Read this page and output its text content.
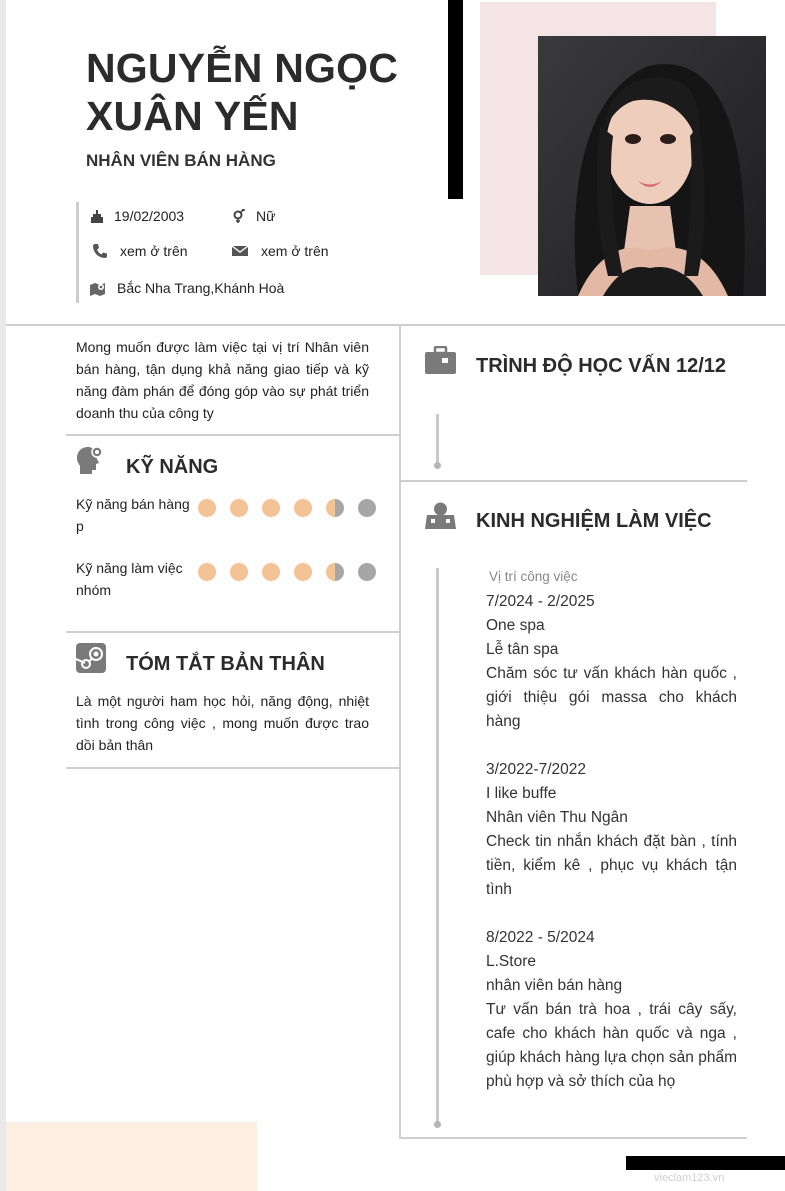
NGUYỄN NGỌC
XUÂN YẾN
NHÂN VIÊN BÁN HÀNG
19/02/2003	Nữ
xem ở trên	xem ở trên
Bắc Nha Trang,Khánh Hoà
Mong muốn được làm việc tại vị trí Nhân viên bán hàng, tận dụng khả năng giao tiếp và kỹ năng đàm phán để đóng góp vào sự phát triển doanh thu của công ty
KỸ NĂNG
Kỹ năng bán hàng p
Kỹ năng làm việc nhóm
TÓM TẮT BẢN THÂN
Là một người ham học hỏi, năng động, nhiệt tình trong công việc , mong muốn được trao dồi bản thân
TRÌNH ĐỘ HỌC VẤN 12/12
KINH NGHIỆM LÀM VIỆC
Vị trí công việc
7/2024 - 2/2025
One spa
Lễ tân spa
Chăm sóc tư vấn khách hàn quốc , giới thiệu gói massa cho khách hàng
3/2022-7/2022
I like buffe
Nhân viên Thu Ngân
Check tin nhắn khách đặt bàn , tính tiền, kiểm kê , phục vụ khách tận tình
8/2022 - 5/2024
L.Store
nhân viên bán hàng
Tư vấn bán trà hoa , trái cây sấy, cafe cho khách hàn quốc và nga , giúp khách hàng lựa chọn sản phẩm phù hợp và sở thích của họ
vieclam123.vn
